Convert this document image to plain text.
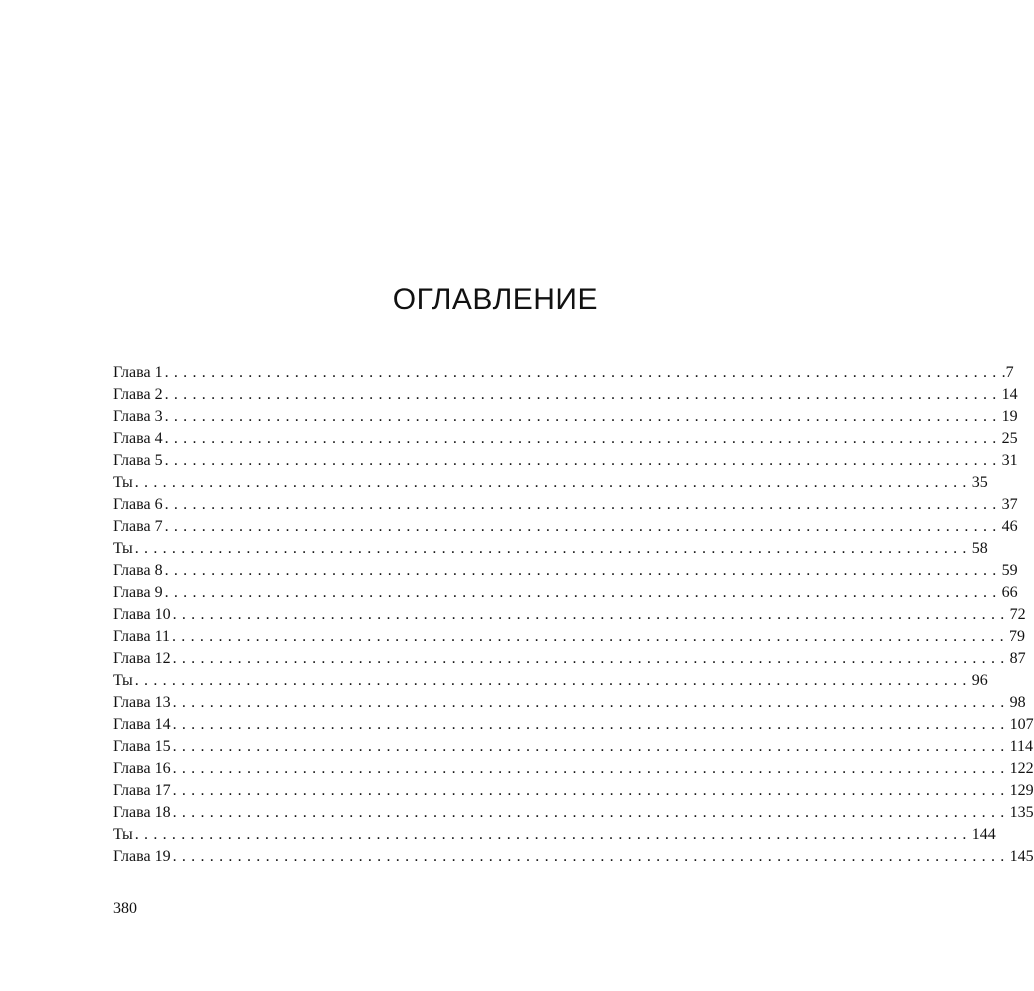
ОГЛАВЛЕНИЕ
Глава 1 .......................................................................................... .7
Глава 2 .......................................................................................... 14
Глава 3 .......................................................................................... 19
Глава 4 .......................................................................................... 25
Глава 5 .......................................................................................... 31
Ты .......................................................................................... 35
Глава 6 .......................................................................................... 37
Глава 7 .......................................................................................... 46
Ты .......................................................................................... 58
Глава 8 .......................................................................................... 59
Глава 9 .......................................................................................... 66
Глава 10 .......................................................................................... 72
Глава 11 .......................................................................................... 79
Глава 12 .......................................................................................... 87
Ты .......................................................................................... 96
Глава 13 .......................................................................................... 98
Глава 14 .......................................................................................... 107
Глава 15 .......................................................................................... 114
Глава 16 .......................................................................................... 122
Глава 17 .......................................................................................... 129
Глава 18 .......................................................................................... 135
Ты .......................................................................................... 144
Глава 19 .......................................................................................... 145
380
